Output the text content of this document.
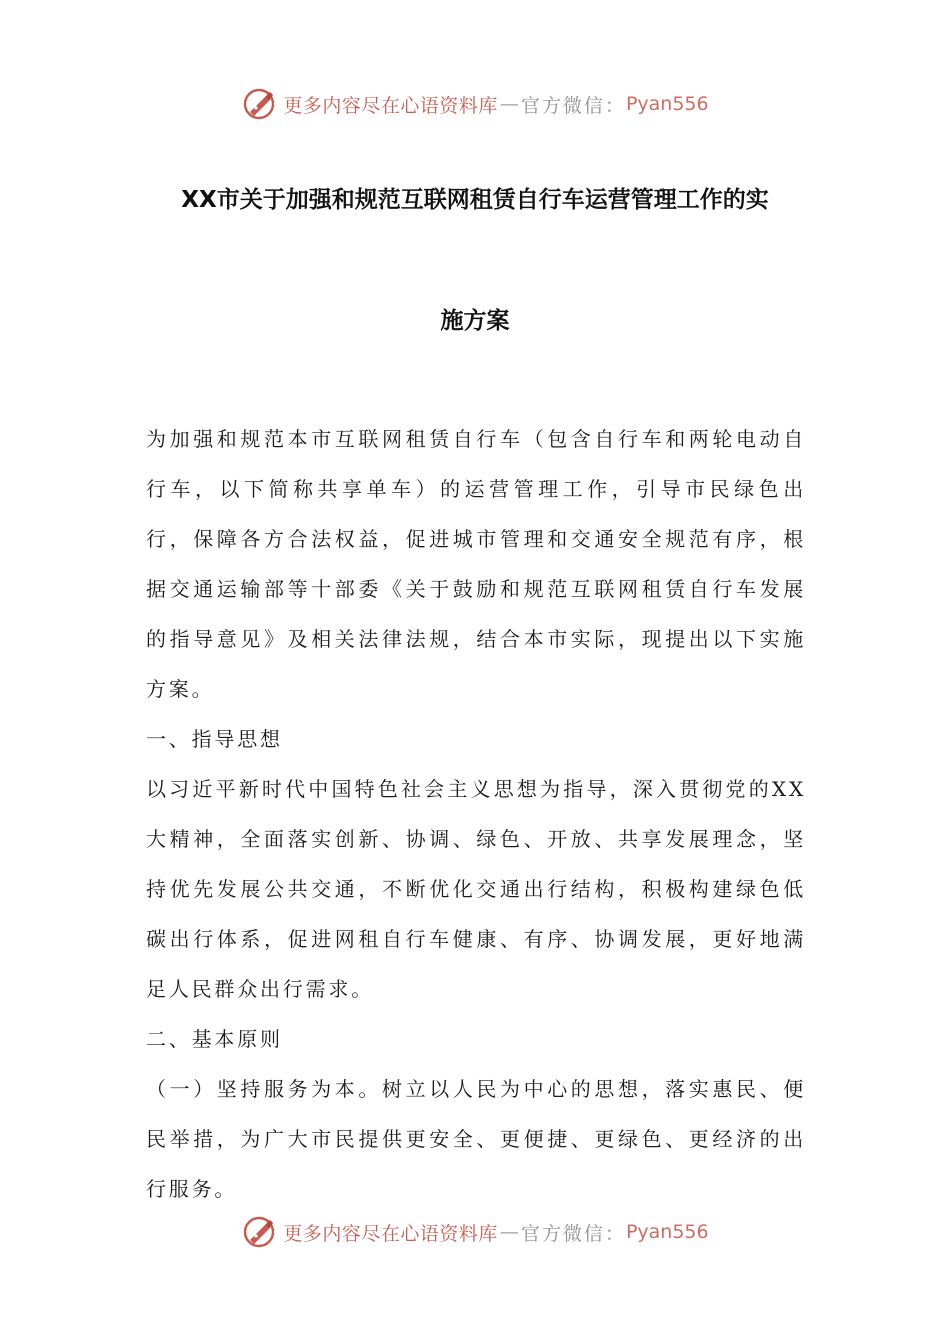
更多内容尽在心语资料库 — 官方微信： Pyan556
XX市关于加强和规范互联网租赁自行车运营管理工作的实
施方案

为加强和规范本市互联网租赁自行车（包含自行车和两轮电动自行车，以下简称共享单车）的运营管理工作，引导市民绿色出行，保障各方合法权益，促进城市管理和交通安全规范有序，根据交通运输部等十部委《关于鼓励和规范互联网租赁自行车发展的指导意见》及相关法律法规，结合本市实际，现提出以下实施方案。

一、指导思想

以习近平新时代中国特色社会主义思想为指导，深入贯彻党的XX大精神，全面落实创新、协调、绿色、开放、共享发展理念，坚持优先发展公共交通，不断优化交通出行结构，积极构建绿色低碳出行体系，促进网租自行车健康、有序、协调发展，更好地满足人民群众出行需求。

二、基本原则

（一）坚持服务为本。树立以人民为中心的思想，落实惠民、便民举措，为广大市民提供更安全、更便捷、更绿色、更经济的出行服务。

更多内容尽在心语资料库 — 官方微信： Pyan556
